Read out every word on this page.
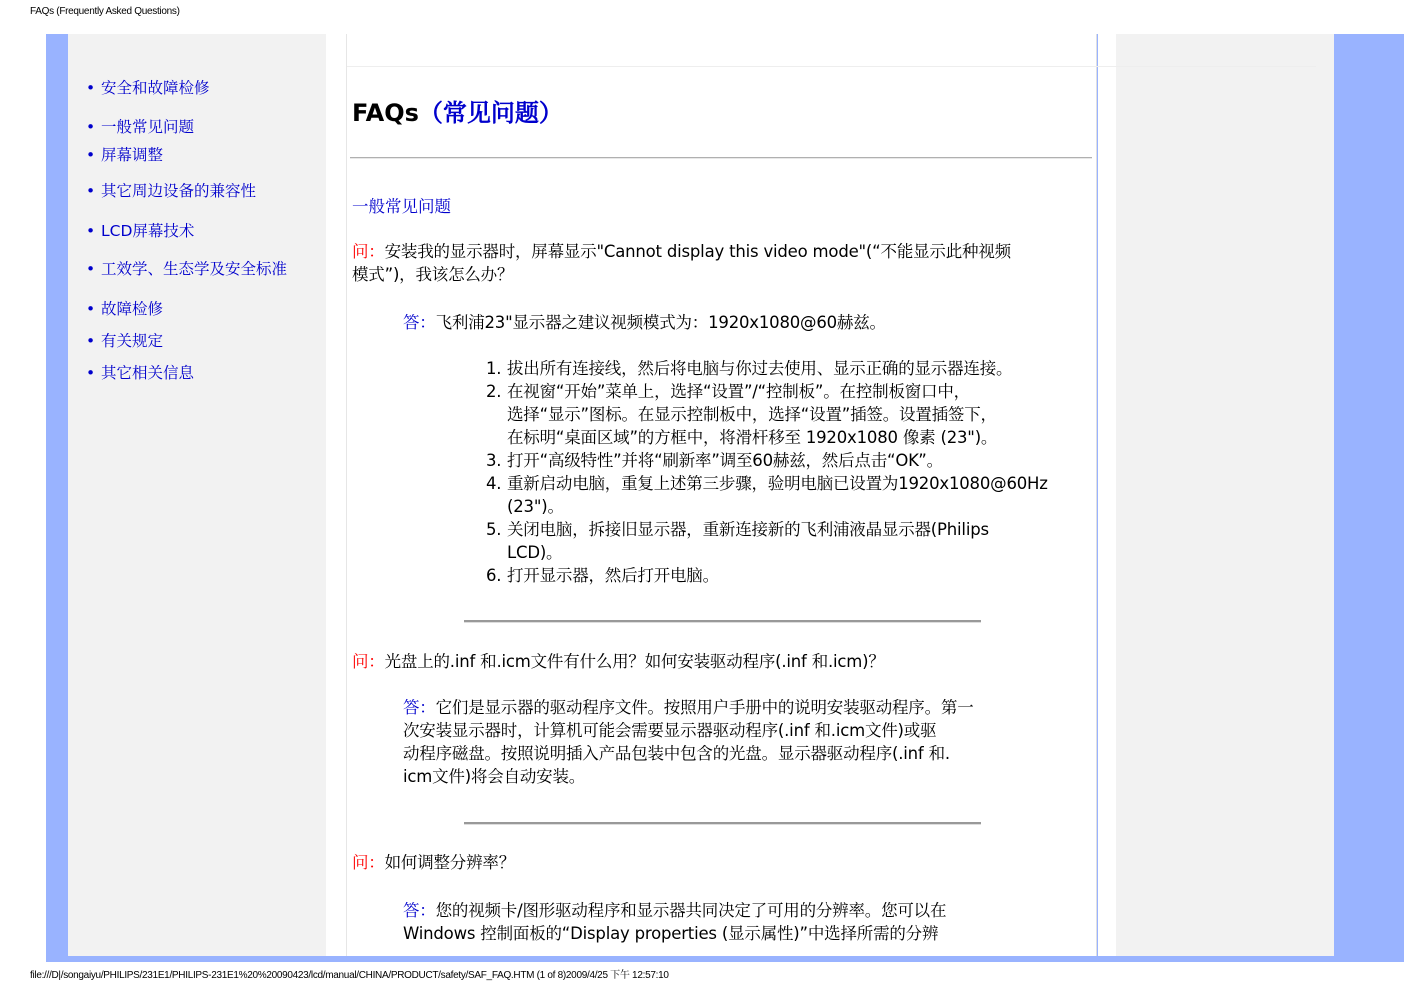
FAQs (Frequently Asked Questions)
• 安全和故障检修
• 一般常见问题
• 屏幕调整
• 其它周边设备的兼容性
• LCD屏幕技术
• 工效学、生态学及安全标准
• 故障检修
• 有关规定
• 其它相关信息
FAQs（常见问题）
一般常见问题
问：安装我的显示器时，屏幕显示"Cannot display this video mode"(“不能显示此种视频
模式”)，我该怎么办？
答：飞利浦23"显示器之建议视频模式为：1920x1080@60赫兹。
1. 拔出所有连接线，然后将电脑与你过去使用、显示正确的显示器连接。
2. 在视窗“开始”菜单上，选择“设置”/“控制板”。在控制板窗口中，
选择“显示”图标。在显示控制板中，选择“设置”插签。设置插签下，
在标明“桌面区域”的方框中，将滑杆移至 1920x1080 像素 (23")。
3. 打开“高级特性”并将“刷新率”调至60赫兹，然后点击“OK”。
4. 重新启动电脑，重复上述第三步骤，验明电脑已设置为1920x1080@60Hz
(23")。
5. 关闭电脑，拆接旧显示器，重新连接新的飞利浦液晶显示器(Philips
LCD)。
6. 打开显示器，然后打开电脑。
问：光盘上的.inf 和.icm文件有什么用？如何安装驱动程序(.inf 和.icm)？
答：它们是显示器的驱动程序文件。按照用户手册中的说明安装驱动程序。第一
次安装显示器时，计算机可能会需要显示器驱动程序(.inf 和.icm文件)或驱
动程序磁盘。按照说明插入产品包装中包含的光盘。显示器驱动程序(.inf 和.
icm文件)将会自动安装。
问：如何调整分辨率？
答：您的视频卡/图形驱动程序和显示器共同决定了可用的分辨率。您可以在
Windows 控制面板的“Display properties (显示属性)”中选择所需的分辨
file:///D|/songaiyu/PHILIPS/231E1/PHILIPS-231E1%20%20090423/lcd/manual/CHINA/PRODUCT/safety/SAF_FAQ.HTM (1 of 8)2009/4/25 下午 12:57:10
